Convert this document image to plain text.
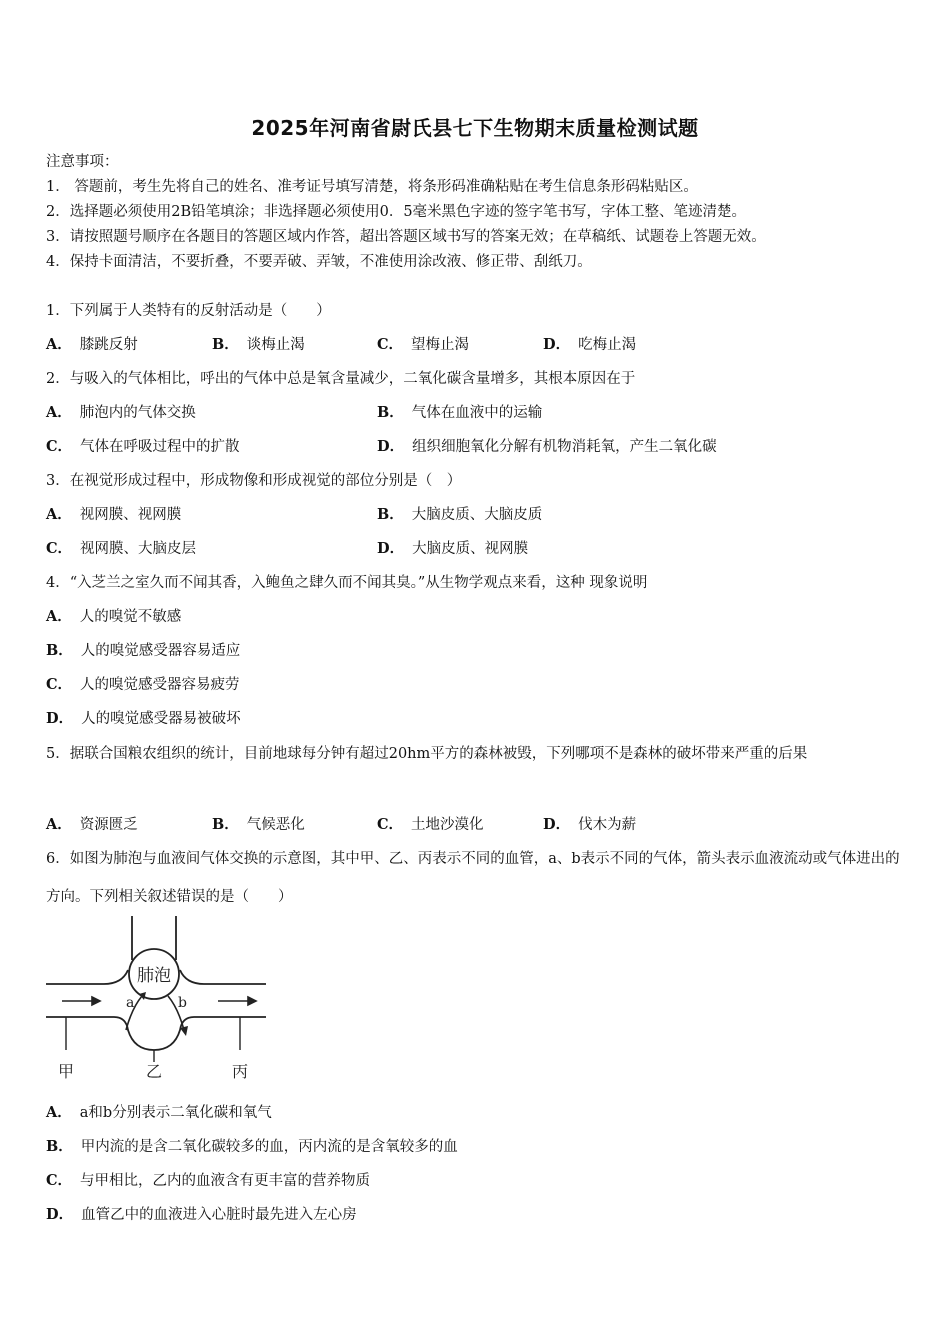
2025年河南省尉氏县七下生物期末质量检测试题
注意事项：
1． 答题前，考生先将自己的姓名、准考证号填写清楚，将条形码准确粘贴在考生信息条形码粘贴区。
2．选择题必须使用2B铅笔填涂；非选择题必须使用0．5毫米黑色字迹的签字笔书写，字体工整、笔迹清楚。
3．请按照题号顺序在各题目的答题区域内作答，超出答题区域书写的答案无效；在草稿纸、试题卷上答题无效。
4．保持卡面清洁，不要折叠，不要弄破、弄皱，不准使用涂改液、修正带、刮纸刀。
1．下列属于人类特有的反射活动是（　　）
A． 膝跳反射	B． 谈梅止渴	C． 望梅止渴	D． 吃梅止渴
2．与吸入的气体相比，呼出的气体中总是氧含量减少，二氧化碳含量增多，其根本原因在于
A． 肺泡内的气体交换	B． 气体在血液中的运输
C． 气体在呼吸过程中的扩散	D． 组织细胞氧化分解有机物消耗氧，产生二氧化碳
3．在视觉形成过程中，形成物像和形成视觉的部位分别是（　）
A． 视网膜、视网膜	B． 大脑皮质、大脑皮质
C． 视网膜、大脑皮层	D． 大脑皮质、视网膜
4．“入芝兰之室久而不闻其香，入鲍鱼之肆久而不闻其臭。”从生物学观点来看，这种 现象说明
A． 人的嗅觉不敏感
B． 人的嗅觉感受器容易适应
C． 人的嗅觉感受器容易疲劳
D． 人的嗅觉感受器易被破坏
5．据联合国粮农组织的统计，目前地球每分钟有超过20hm平方的森林被毁，下列哪项不是森林的破坏带来严重的后果
A． 资源匮乏	B． 气候恶化	C． 土地沙漠化	D． 伐木为薪
6．如图为肺泡与血液间气体交换的示意图，其中甲、乙、丙表示不同的血管，a、b表示不同的气体，箭头表示血液流动或气体进出的方向。下列相关叙述错误的是（　　）
肺泡
a	b
甲	乙	丙
A． a和b分别表示二氧化碳和氧气
B． 甲内流的是含二氧化碳较多的血，丙内流的是含氧较多的血
C． 与甲相比，乙内的血液含有更丰富的营养物质
D． 血管乙中的血液进入心脏时最先进入左心房
